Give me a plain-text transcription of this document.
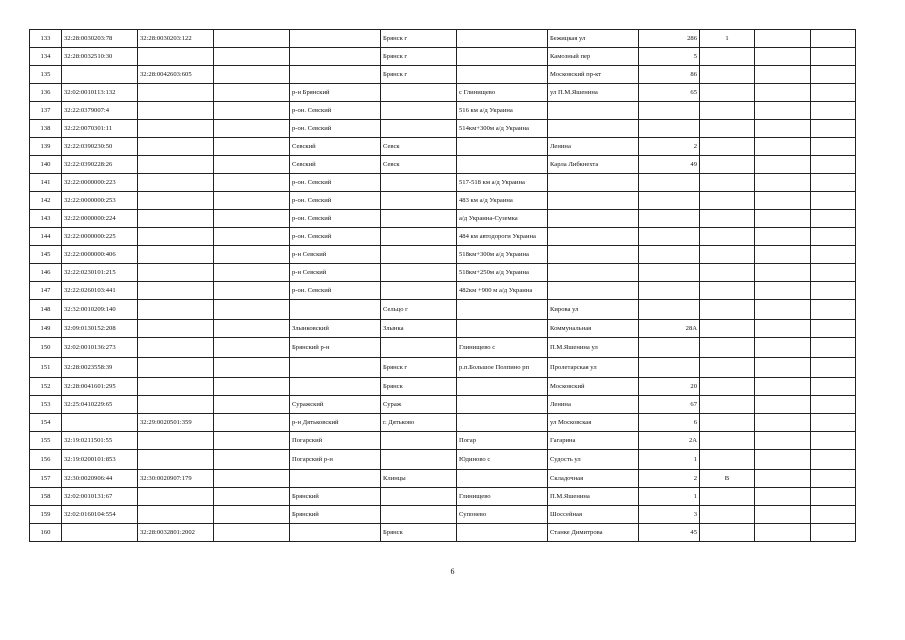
133	32:28:0030203:78	32:28:0030203:122			Брянск г		Бежицкая ул	286	1		
134	32:28:0032510:30				Брянск г		Камозный пер	5			
135		32:28:0042603:605			Брянск г		Московский пр-кт	86			
136	32:02:0010113:132			р-н Брянский		с Глинищево	ул П.М.Яшенина	65			
137	32:22:0379007:4			р-он. Севский		516 км а/д Украина					
138	32:22:0070301:11			р-он. Севский		514км+300м а/д Украина					
139	32:22:0390230:50			Севский	Севск		Ленина	2			
140	32:22:0390228:26			Севский	Севск		Карла Либкнехта	49			
141	32:22:0000000:223			р-он. Севский		517-518 км а/д Украина					
142	32:22:0000000:253			р-он. Севский		483 км а/д Украина					
143	32:22:0000000:224			р-он. Севский		а/д Украина-Суземка					
144	32:22:0000000:225			р-он. Севский		484 км автодороги Украина					
145	32:22:0000000:406			р-н Севский		518км+300м а/д Украина					
146	32:22:0230101:215			р-н Севский		518км+250м а/д Украина					
147	32:22:0260103:441			р-он. Севский		482км +900 м а/д Украина					
148	32:32:0010209:140				Сельцо г		Кирова ул				
149	32:09:0130152:208			Злынковский	Злынка		Коммунальная	28А			
150	32:02:0010136:273			Брянский р-н		Глинищево с	П.М.Яшенина ул				
151	32:28:0023558:39				Брянск г	р.п.Большое Полпино рп	Пролетарская ул				
152	32:28:0041601:295				Брянск		Московский	20			
153	32:25:0410229:65			Суражский	Сураж		Ленина	67			
154		32:29:0020501:359		р-н Дятьковский	г. Дятьково		ул Московская	6			
155	32:19:0211501:55			Погарский		Погар	Гагарина	2А			
156	32:19:0200101:853			Погарский р-н		Юдиново с	Судость ул	1			
157	32:30:0020906:44	32:30:0020907:179			Клинцы		Складочная	2	В		
158	32:02:0010131:67			Брянский		Глинищево	П.М.Яшенина	1			
159	32:02:0160104:554			Брянский		Супонево	Шоссейная	3			
160		32:28:0032801:2002			Брянск		Станке Димитрова	45			
6
